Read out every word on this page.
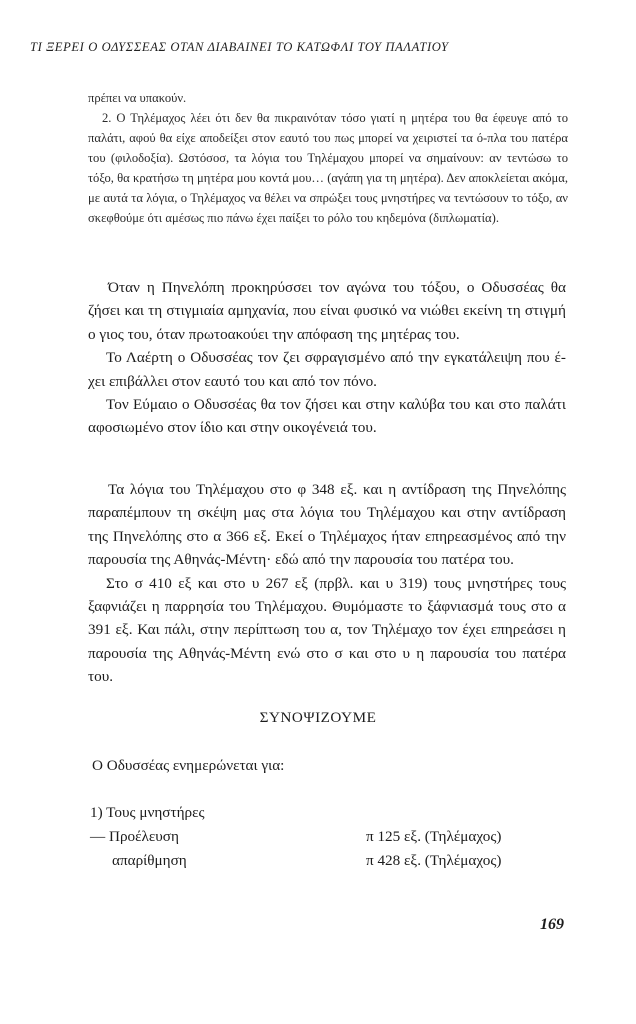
ΤΙ ΞΕΡΕΙ Ο ΟΔΥΣΣΕΑΣ ΟΤΑΝ ΔΙΑΒΑΙΝΕΙ ΤΟ ΚΑΤΩΦΛΙ ΤΟΥ ΠΑΛΑΤΙΟΥ

πρέπει να υπακούν.

2. Ο Τηλέμαχος λέει ότι δεν θα πικραινόταν τόσο γιατί η μητέρα του θα έφευγε από το παλάτι, αφού θα είχε αποδείξει στον εαυτό του πως μπορεί να χειριστεί τα ό-πλα του πατέρα του (φιλοδοξία). Ωστόσοσ, τα λόγια του Τηλέμαχου μπορεί να σημαίνουν: αν τεντώσω το τόξο, θα κρατήσω τη μητέρα μου κοντά μου… (αγάπη για τη μητέρα). Δεν αποκλείεται ακόμα, με αυτά τα λόγια, ο Τηλέμαχος να θέλει να σπρώξει τους μνηστήρες να τεντώσουν το τόξο, αν σκεφθούμε ότι αμέσως πιο πάνω έχει παίξει το ρόλο του κηδεμόνα (διπλωματία).

Όταν η Πηνελόπη προκηρύσσει τον αγώνα του τόξου, ο Οδυσσέας θα ζήσει και τη στιγμιαία αμηχανία, που είναι φυσικό να νιώθει εκείνη τη στιγμή ο γιος του, όταν πρωτοακούει την απόφαση της μητέρας του.

Το Λαέρτη ο Οδυσσέας τον ζει σφραγισμένο από την εγκατάλειψη που έ-χει επιβάλλει στον εαυτό του και από τον πόνο.

Τον Εύμαιο ο Οδυσσέας θα τον ζήσει και στην καλύβα του και στο παλάτι αφοσιωμένο στον ίδιο και στην οικογένειά του.

Τα λόγια του Τηλέμαχου στο φ 348 εξ. και η αντίδραση της Πηνελόπης παραπέμπουν τη σκέψη μας στα λόγια του Τηλέμαχου και στην αντίδραση της Πηνελόπης στο α 366 εξ. Εκεί ο Τηλέμαχος ήταν επηρεασμένος από την παρουσία της Αθηνάς-Μέντη· εδώ από την παρουσία του πατέρα του.

Στο σ 410 εξ και στο υ 267 εξ (πρβλ. και υ 319) τους μνηστήρες τους ξαφνιάζει η παρρησία του Τηλέμαχου. Θυμόμαστε το ξάφνιασμά τους στο α 391 εξ. Και πάλι, στην περίπτωση του α, τον Τηλέμαχο τον έχει επηρεάσει η παρουσία της Αθηνάς-Μέντη ενώ στο σ και στο υ η παρουσία του πατέρα του.

ΣΥΝΟΨΙΖΟΥΜΕ
Ο Οδυσσέας ενημερώνεται για:
1) Τους μνηστήρες
— Προέλευση	π 125 εξ. (Τηλέμαχος)
απαρίθμηση	π 428 εξ. (Τηλέμαχος)
169
